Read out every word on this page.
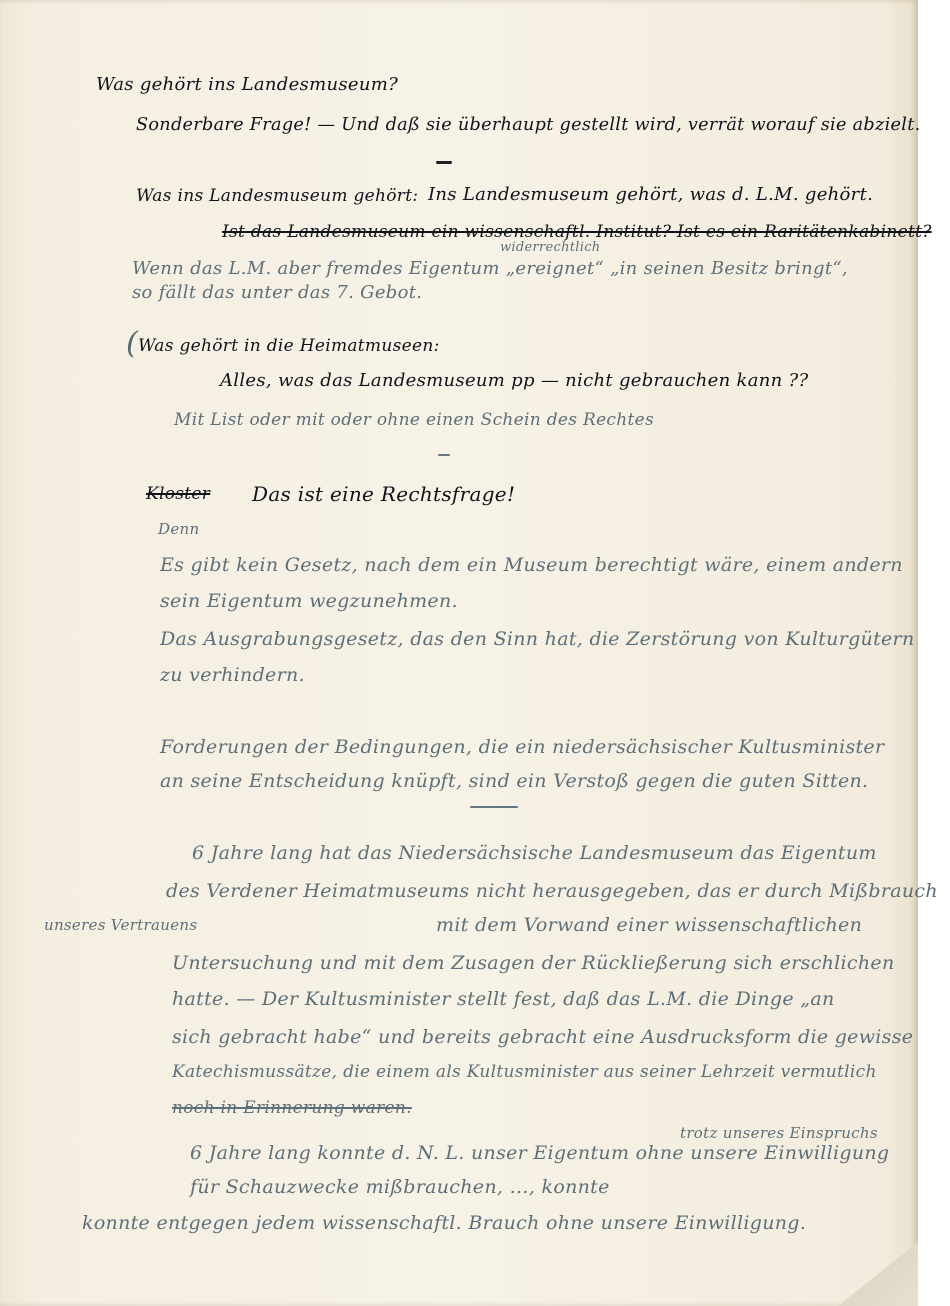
Was gehört ins Landesmuseum?
Sonderbare Frage! — Und daß sie überhaupt gestellt wird, verrät worauf sie abzielt.
Was ins Landesmuseum gehört: Ins Landesmuseum gehört, was d. L.M. gehört.
Ist das Landesmuseum ein wissenschaftl. Institut? Ist es ein Raritätenkabinett?
widerrechtlich
Wenn das L.M. aber fremdes Eigentum „ereignet“ „in seinen Besitz bringt“,
so fällt das unter das 7. Gebot.
( Was gehört in die Heimatmuseen:
Alles, was das Landesmuseum pp — nicht gebrauchen kann ??
Mit List oder mit oder ohne einen Schein des Rechtes
Kloster Das ist eine Rechtsfrage!
Denn
Es gibt kein Gesetz, nach dem ein Museum berechtigt wäre, einem andern
sein Eigentum wegzunehmen.
Das Ausgrabungsgesetz, das den Sinn hat, die Zerstörung von Kulturgütern
zu verhindern.
Forderungen der Bedingungen, die ein niedersächsischer Kultusminister
an seine Entscheidung knüpft, sind ein Verstoß gegen die guten Sitten.
6 Jahre lang hat das Niedersächsische Landesmuseum das Eigentum
des Verdener Heimatmuseums nicht herausgegeben, das er durch Mißbrauch
unseres Vertrauens	mit dem Vorwand einer wissenschaftlichen
Untersuchung und mit dem Zusagen der Rückließerung sich erschlichen
hatte. — Der Kultusminister stellt fest, daß das L.M. die Dinge „an
sich gebracht habe“ und bereits gebracht eine Ausdrucksform die gewisse
Katechismussätze, die einem als Kultusminister aus seiner Lehrzeit vermutlich
noch in Erinnerung waren.
trotz unseres Einspruchs
6 Jahre lang konnte d. N. L. unser Eigentum ohne unsere Einwilligung
für Schauzwecke mißbrauchen, …, konnte
konnte entgegen jedem wissenschaftl. Brauch ohne unsere Einwilligung.
